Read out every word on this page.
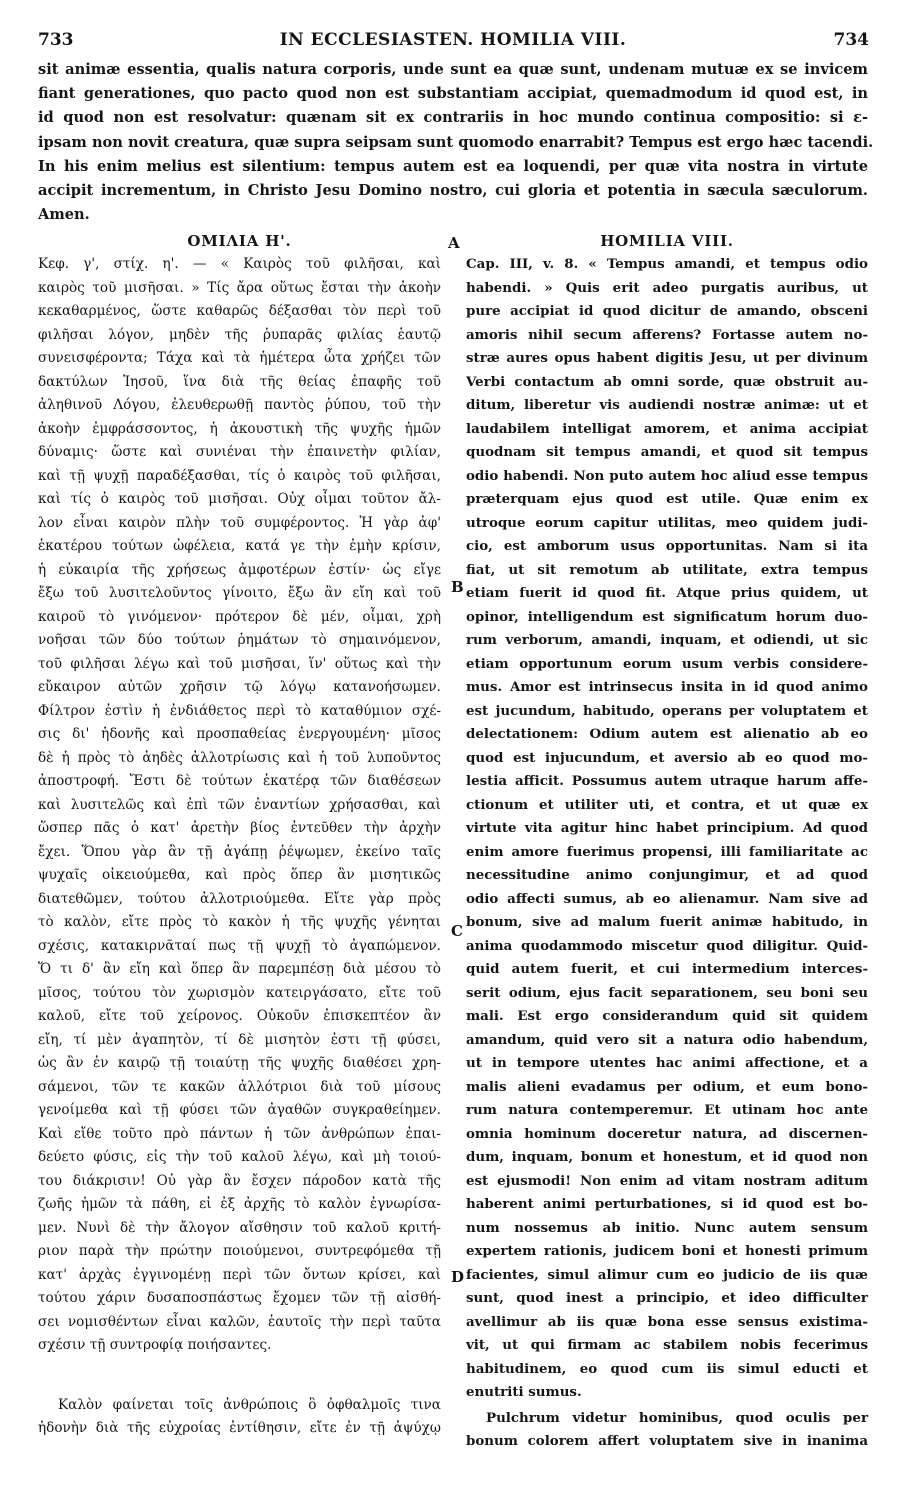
733	IN ECCLESIASTEN. HOMILIA VIII.	734
sit animæ essentia, qualis natura corporis, unde sunt ea quæ sunt, undenam mutuæ ex se invicem
fiant generationes, quo pacto quod non est substantiam accipiat, quemadmodum id quod est, in
id quod non est resolvatur: quænam sit ex contrariis in hoc mundo continua compositio: si ε-
ipsam non novit creatura, quæ supra seipsam sunt quomodo enarrabit? Tempus est ergo hæc tacendi.
In his enim melius est silentium: tempus autem est ea loquendi, per quæ vita nostra in virtute
accipit incrementum, in Christo Jesu Domino nostro, cui gloria et potentia in sæcula sæculorum.
Amen.
A
B
C
D
ΟΜΙΛΙΑ Η'.
Κεφ. γ', στίχ. η'. — « Καιρὸς τοῦ φιλῆσαι, καὶ
καιρὸς τοῦ μισῆσαι. » Τίς ἄρα οὕτως ἔσται τὴν ἀκοὴν
κεκαθαρμένος, ὥστε καθαρῶς δέξασθαι τὸν περὶ τοῦ
φιλῆσαι λόγον, μηδὲν τῆς ῥυπαρᾶς φιλίας ἑαυτῷ
συνεισφέροντα; Τάχα καὶ τὰ ἡμέτερα ὦτα χρήζει τῶν
δακτύλων Ἰησοῦ, ἵνα διὰ τῆς θείας ἐπαφῆς τοῦ
ἀληθινοῦ Λόγου, ἐλευθερωθῇ παντὸς ῥύπου, τοῦ τὴν
ἀκοὴν ἐμφράσσοντος, ἡ ἀκουστικὴ τῆς ψυχῆς ἡμῶν
δύναμις· ὥστε καὶ συνιέναι τὴν ἐπαινετὴν φιλίαν,
καὶ τῇ ψυχῇ παραδέξασθαι, τίς ὁ καιρὸς τοῦ φιλῆσαι,
καὶ τίς ὁ καιρὸς τοῦ μισῆσαι. Οὐχ οἶμαι τοῦτον ἄλ-
λον εἶναι καιρὸν πλὴν τοῦ συμφέροντος. Ἡ γὰρ ἀφ'
ἑκατέρου τούτων ὠφέλεια, κατά γε τὴν ἐμὴν κρίσιν,
ἡ εὐκαιρία τῆς χρήσεως ἀμφοτέρων ἐστίν· ὡς εἴγε
ἔξω τοῦ λυσιτελοῦντος γίνοιτο, ἔξω ἂν εἴη καὶ τοῦ
καιροῦ τὸ γινόμενον· πρότερον δὲ μέν, οἶμαι, χρὴ
νοῆσαι τῶν δύο τούτων ῥημάτων τὸ σημαινόμενον,
τοῦ φιλῆσαι λέγω καὶ τοῦ μισῆσαι, ἵν' οὕτως καὶ τὴν
εὔκαιρον αὐτῶν χρῆσιν τῷ λόγῳ κατανοήσωμεν.
Φίλτρον ἐστὶν ἡ ἐνδιάθετος περὶ τὸ καταθύμιον σχέ-
σις δι' ἡδονῆς καὶ προσπαθείας ἐνεργουμένη· μῖσος
δὲ ἡ πρὸς τὸ ἀηδὲς ἀλλοτρίωσις καὶ ἡ τοῦ λυποῦντος
ἀποστροφή. Ἔστι δὲ τούτων ἑκατέρᾳ τῶν διαθέσεων
καὶ λυσιτελῶς καὶ ἐπὶ τῶν ἐναντίων χρήσασθαι, καὶ
ὥσπερ πᾶς ὁ κατ' ἀρετὴν βίος ἐντεῦθεν τὴν ἀρχὴν
ἔχει. Ὅπου γὰρ ἂν τῇ ἀγάπῃ ῥέψωμεν, ἐκείνο ταῖς
ψυχαῖς οἰκειούμεθα, καὶ πρὸς ὅπερ ἂν μισητικῶς
διατεθῶμεν, τούτου ἀλλοτριούμεθα. Εἴτε γὰρ πρὸς
τὸ καλὸν, εἴτε πρὸς τὸ κακὸν ἡ τῆς ψυχῆς γένηται
σχέσις, κατακιρνᾶταί πως τῇ ψυχῇ τὸ ἀγαπώμενον.
Ὅ τι δ' ἂν εἴη καὶ ὅπερ ἂν παρεμπέσῃ διὰ μέσου τὸ
μῖσος, τούτου τὸν χωρισμὸν κατειργάσατο, εἴτε τοῦ
καλοῦ, εἴτε τοῦ χείρονος. Οὐκοῦν ἐπισκεπτέον ἂν
εἴη, τί μὲν ἀγαπητὸν, τί δὲ μισητὸν ἐστι τῇ φύσει,
ὡς ἂν ἐν καιρῷ τῇ τοιαύτῃ τῆς ψυχῆς διαθέσει χρη-
σάμενοι, τῶν τε κακῶν ἀλλότριοι διὰ τοῦ μίσους
γενοίμεθα καὶ τῇ φύσει τῶν ἀγαθῶν συγκραθείημεν.
Καὶ εἴθε τοῦτο πρὸ πάντων ἡ τῶν ἀνθρώπων ἐπαι-
δεύετο φύσις, εἰς τὴν τοῦ καλοῦ λέγω, καὶ μὴ τοιού-
του διάκρισιν! Οὐ γὰρ ἂν ἔσχεν πάροδον κατὰ τῆς
ζωῆς ἡμῶν τὰ πάθη, εἰ ἐξ ἀρχῆς τὸ καλὸν ἐγνωρίσα-
μεν. Νυνὶ δὲ τὴν ἄλογον αἴσθησιν τοῦ καλοῦ κριτή-
ριον παρὰ τὴν πρώτην ποιούμενοι, συντρεφόμεθα τῇ
κατ' ἀρχὰς ἐγγινομένῃ περὶ τῶν ὄντων κρίσει, καὶ
τούτου χάριν δυσαποσπάστως ἔχομεν τῶν τῇ αἰσθή-
σει νομισθέντων εἶναι καλῶν, ἑαυτοῖς τὴν περὶ ταῦτα
σχέσιν τῇ συντροφίᾳ ποιήσαντες.
Καλὸν φαίνεται τοῖς ἀνθρώποις ὃ ὀφθαλμοῖς τινα
ἡδονὴν διὰ τῆς εὐχροίας ἐντίθησιν, εἴτε ἐν τῇ ἀψύχῳ
HOMILIA VIII.
Cap. III, v. 8. « Tempus amandi, et tempus odio
habendi. » Quis erit adeo purgatis auribus, ut
pure accipiat id quod dicitur de amando, obsceni
amoris nihil secum afferens? Fortasse autem no-
stræ aures opus habent digitis Jesu, ut per divinum
Verbi contactum ab omni sorde, quæ obstruit au-
ditum, liberetur vis audiendi nostræ animæ: ut et
laudabilem intelligat amorem, et anima accipiat
quodnam sit tempus amandi, et quod sit tempus
odio habendi. Non puto autem hoc aliud esse tempus
præterquam ejus quod est utile. Quæ enim ex
utroque eorum capitur utilitas, meo quidem judi-
cio, est amborum usus opportunitas. Nam si ita
fiat, ut sit remotum ab utilitate, extra tempus
etiam fuerit id quod fit. Atque prius quidem, ut
opinor, intelligendum est significatum horum duo-
rum verborum, amandi, inquam, et odiendi, ut sic
etiam opportunum eorum usum verbis considere-
mus. Amor est intrinsecus insita in id quod animo
est jucundum, habitudo, operans per voluptatem et
delectationem: Odium autem est alienatio ab eo
quod est injucundum, et aversio ab eo quod mo-
lestia afficit. Possumus autem utraque harum affe-
ctionum et utiliter uti, et contra, et ut quæ ex
virtute vita agitur hinc habet principium. Ad quod
enim amore fuerimus propensi, illi familiaritate ac
necessitudine animo conjungimur, et ad quod
odio affecti sumus, ab eo alienamur. Nam sive ad
bonum, sive ad malum fuerit animæ habitudo, in
anima quodammodo miscetur quod diligitur. Quid-
quid autem fuerit, et cui intermedium interces-
serit odium, ejus facit separationem, seu boni seu
mali. Est ergo considerandum quid sit quidem
amandum, quid vero sit a natura odio habendum,
ut in tempore utentes hac animi affectione, et a
malis alieni evadamus per odium, et eum bono-
rum natura contemperemur. Et utinam hoc ante
omnia hominum doceretur natura, ad discernen-
dum, inquam, bonum et honestum, et id quod non
est ejusmodi! Non enim ad vitam nostram aditum
haberent animi perturbationes, si id quod est bo-
num nossemus ab initio. Nunc autem sensum
expertem rationis, judicem boni et honesti primum
facientes, simul alimur cum eo judicio de iis quæ
sunt, quod inest a principio, et ideo difficulter
avellimur ab iis quæ bona esse sensus existima-
vit, ut qui firmam ac stabilem nobis fecerimus
habitudinem, eo quod cum iis simul educti et
enutriti sumus.
Pulchrum videtur hominibus, quod oculis per
bonum colorem affert voluptatem sive in inanima
